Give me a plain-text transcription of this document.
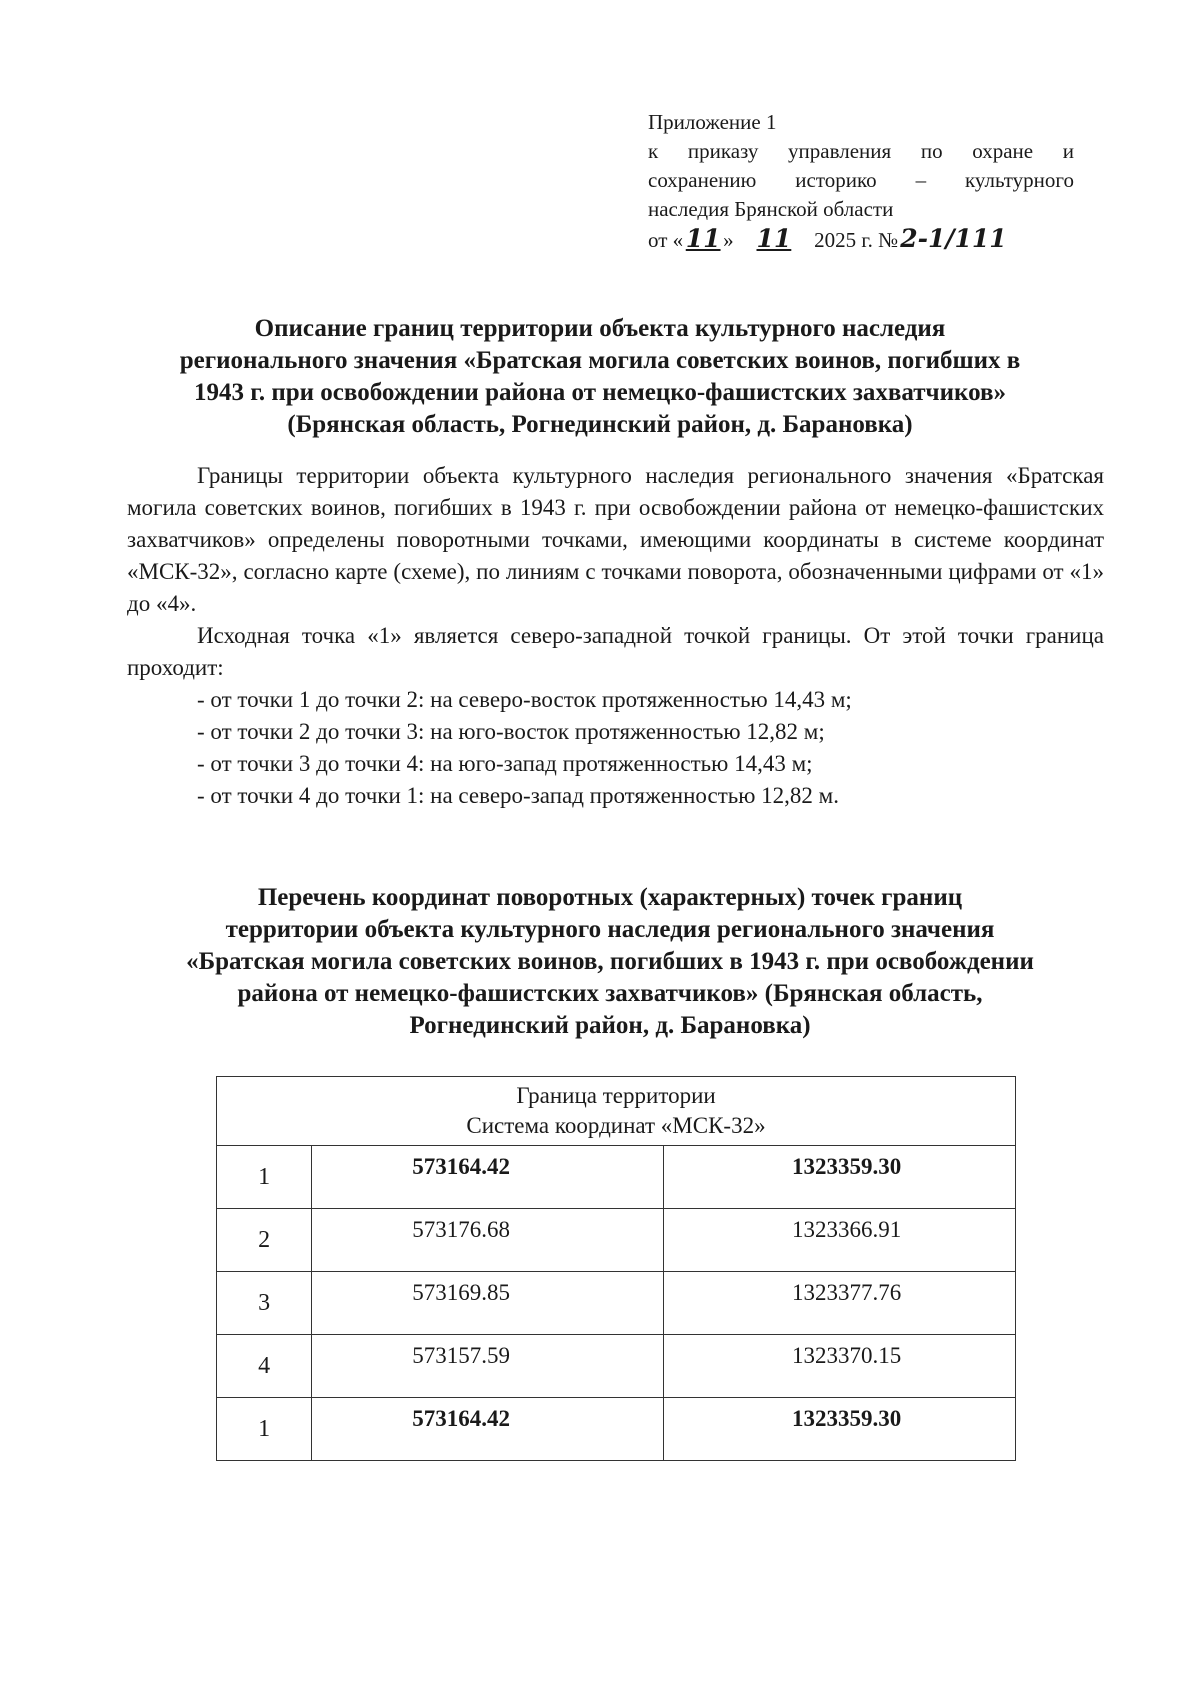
Приложение 1
к приказу управления по охране и
сохранению историко – культурного
наследия Брянской области
от « 11 » 11 2025 г. №2-1/111
Описание границ территории объекта культурного наследия
регионального значения «Братская могила советских воинов, погибших в
1943 г. при освобождении района от немецко-фашистских захватчиков»
(Брянская область, Рогнединский район, д. Барановка)

Границы территории объекта культурного наследия регионального значения «Братская могила советских воинов, погибших в 1943 г. при освобождении района от немецко-фашистских захватчиков» определены поворотными точками, имеющими координаты в системе координат «МСК-32», согласно карте (схеме), по линиям с точками поворота, обозначенными цифрами от «1» до «4».

Исходная точка «1» является северо-западной точкой границы. От этой точки граница проходит:

- от точки 1 до точки 2: на северо-восток протяженностью 14,43 м;
- от точки 2 до точки 3: на юго-восток протяженностью 12,82 м;
- от точки 3 до точки 4: на юго-запад протяженностью 14,43 м;
- от точки 4 до точки 1: на северо-запад протяженностью 12,82 м.
Перечень координат поворотных (характерных) точек границ
территории объекта культурного наследия регионального значения
«Братская могила советских воинов, погибших в 1943 г. при освобождении
района от немецко-фашистских захватчиков» (Брянская область,
Рогнединский район, д. Барановка)
Граница территории
Система координат «МСК-32»		

1	573164.42	1323359.30
2	573176.68	1323366.91
3	573169.85	1323377.76
4	573157.59	1323370.15
1	573164.42	1323359.30
